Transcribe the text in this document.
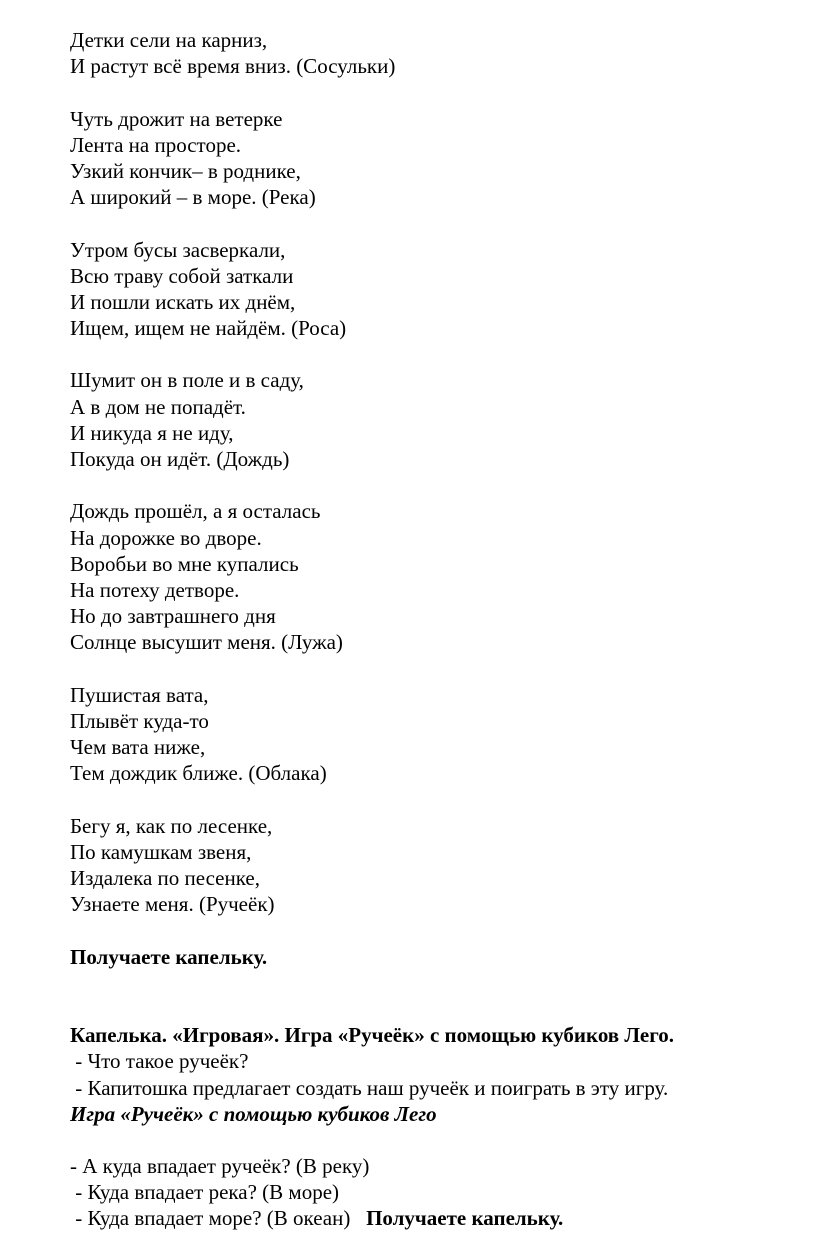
Детки сели на карниз,
И растут всё время вниз. (Сосульки)
Чуть дрожит на ветерке
Лента на просторе.
Узкий кончик– в роднике,
А широкий – в море. (Река)
Утром бусы засверкали,
Всю траву собой заткали
И пошли искать их днём,
Ищем, ищем не найдём. (Роса)
Шумит он в поле и в саду,
А в дом не попадёт.
И никуда я не иду,
Покуда он идёт. (Дождь)
Дождь прошёл, а я осталась
На дорожке во дворе.
Воробьи во мне купались
На потеху детворе.
Но до завтрашнего дня
Солнце высушит меня. (Лужа)
Пушистая вата,
Плывёт куда-то
Чем вата ниже,
Тем дождик ближе. (Облака)
Бегу я, как по лесенке,
По камушкам звеня,
Издалека по песенке,
Узнаете меня. (Ручеёк)
Получаете капельку.
Капелька. «Игровая». Игра «Ручеёк» с помощью кубиков Лего.
- Что такое ручеёк?
- Капитошка предлагает создать наш ручеёк и поиграть в эту игру.
Игра «Ручеёк» с помощью кубиков Лего
- А куда впадает ручеёк? (В реку)
- Куда впадает река? (В море)
- Куда впадает море? (В океан)   Получаете капельку.
